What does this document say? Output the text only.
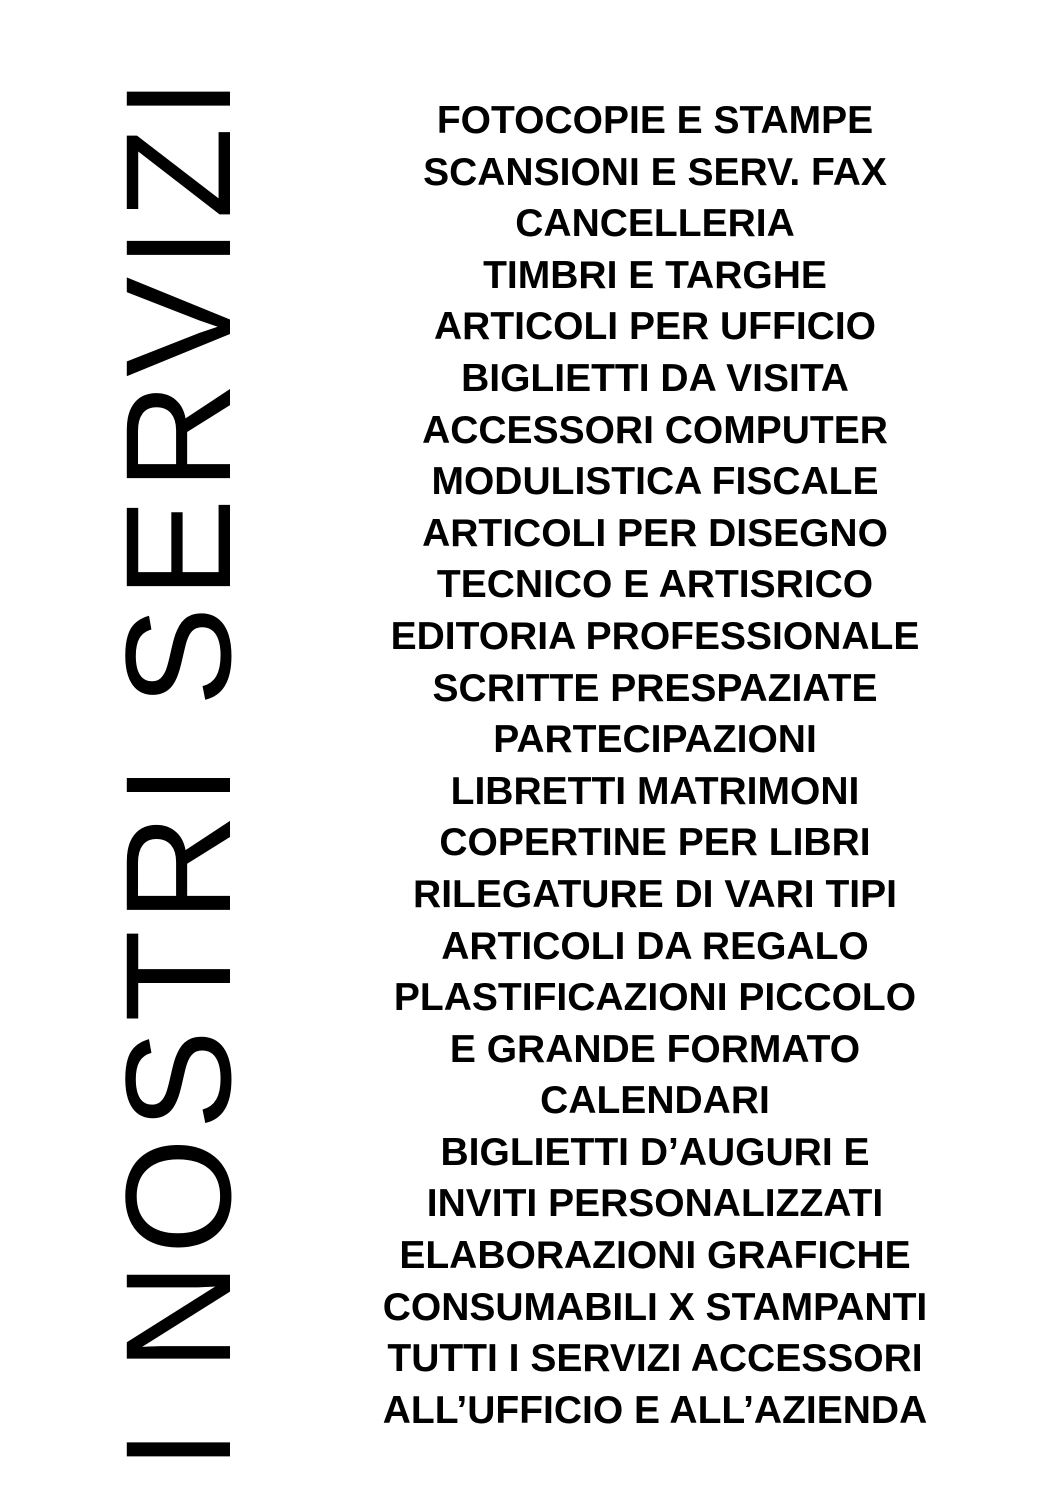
I NOSTRI SERVIZI	FOTOCOPIE E STAMPE
SCANSIONI E SERV. FAX
CANCELLERIA
TIMBRI E TARGHE
ARTICOLI PER UFFICIO
BIGLIETTI DA VISITA
ACCESSORI COMPUTER
MODULISTICA FISCALE
ARTICOLI PER DISEGNO
TECNICO E ARTISRICO
EDITORIA PROFESSIONALE
SCRITTE PRESPAZIATE
PARTECIPAZIONI
LIBRETTI MATRIMONI
COPERTINE PER LIBRI
RILEGATURE DI VARI TIPI
ARTICOLI DA REGALO
PLASTIFICAZIONI PICCOLO
E GRANDE FORMATO
CALENDARI
BIGLIETTI D’AUGURI E
INVITI PERSONALIZZATI
ELABORAZIONI GRAFICHE
CONSUMABILI X STAMPANTI
TUTTI I SERVIZI ACCESSORI
ALL’UFFICIO E ALL’AZIENDA
